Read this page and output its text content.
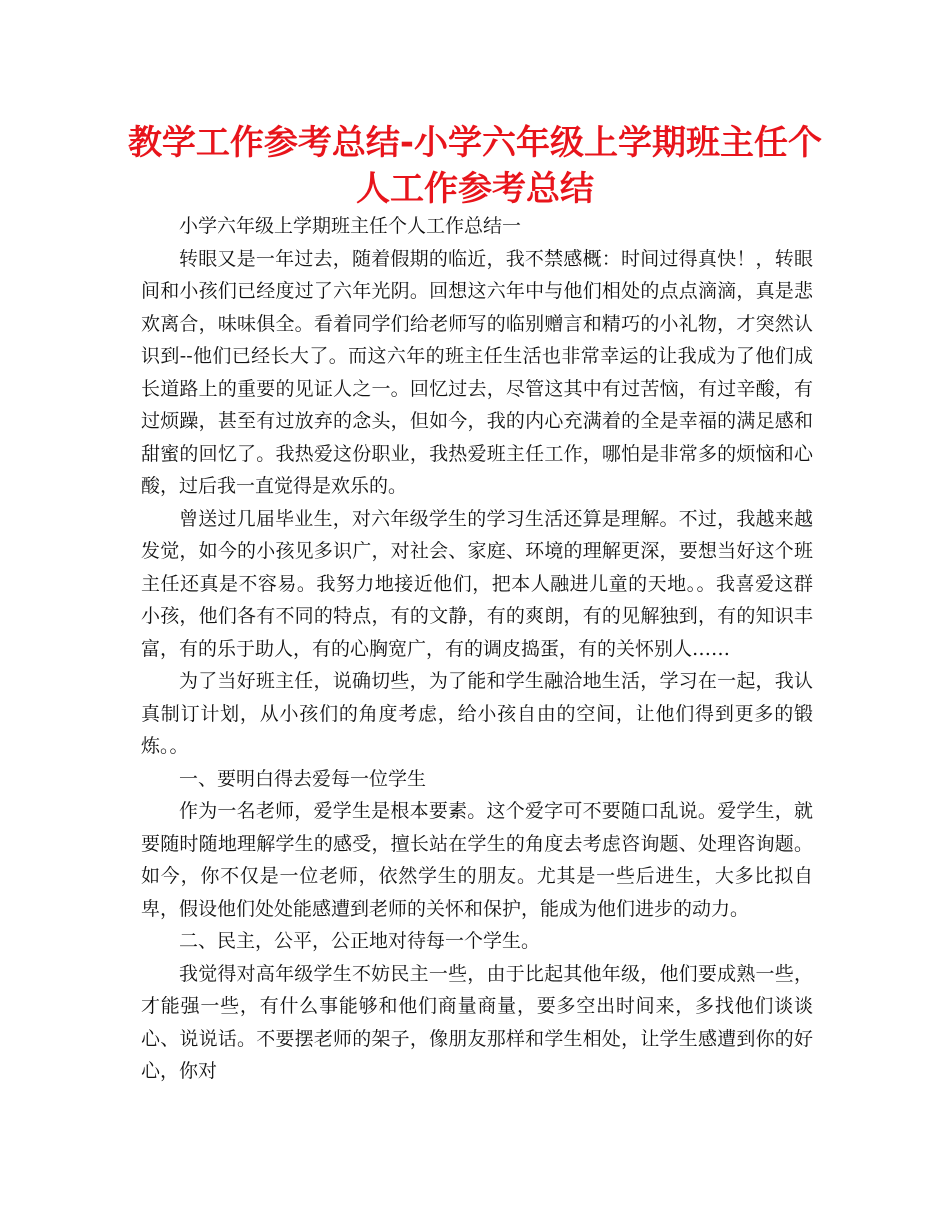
教学工作参考总结-小学六年级上学期班主任个人工作参考总结

小学六年级上学期班主任个人工作总结一

转眼又是一年过去，随着假期的临近，我不禁感概：时间过得真快！，转眼间和小孩们已经度过了六年光阴。回想这六年中与他们相处的点点滴滴，真是悲欢离合，味味俱全。看着同学们给老师写的临别赠言和精巧的小礼物，才突然认识到--他们已经长大了。而这六年的班主任生活也非常幸运的让我成为了他们成长道路上的重要的见证人之一。回忆过去，尽管这其中有过苦恼，有过辛酸，有过烦躁，甚至有过放弃的念头，但如今，我的内心充满着的全是幸福的满足感和甜蜜的回忆了。我热爱这份职业，我热爱班主任工作，哪怕是非常多的烦恼和心酸，过后我一直觉得是欢乐的。

曾送过几届毕业生，对六年级学生的学习生活还算是理解。不过，我越来越发觉，如今的小孩见多识广，对社会、家庭、环境的理解更深，要想当好这个班主任还真是不容易。我努力地接近他们，把本人融进儿童的天地。。我喜爱这群小孩，他们各有不同的特点，有的文静，有的爽朗，有的见解独到，有的知识丰富，有的乐于助人，有的心胸宽广，有的调皮捣蛋，有的关怀别人……

为了当好班主任，说确切些，为了能和学生融洽地生活，学习在一起，我认真制订计划，从小孩们的角度考虑，给小孩自由的空间，让他们得到更多的锻炼。。

一、要明白得去爱每一位学生

作为一名老师，爱学生是根本要素。这个爱字可不要随口乱说。爱学生，就要随时随地理解学生的感受，擅长站在学生的角度去考虑咨询题、处理咨询题。如今，你不仅是一位老师，依然学生的朋友。尤其是一些后进生，大多比拟自卑，假设他们处处能感遭到老师的关怀和保护，能成为他们进步的动力。

二、民主，公平，公正地对待每一个学生。

我觉得对高年级学生不妨民主一些，由于比起其他年级，他们要成熟一些，才能强一些，有什么事能够和他们商量商量，要多空出时间来，多找他们谈谈心、说说话。不要摆老师的架子，像朋友那样和学生相处，让学生感遭到你的好心，你对
